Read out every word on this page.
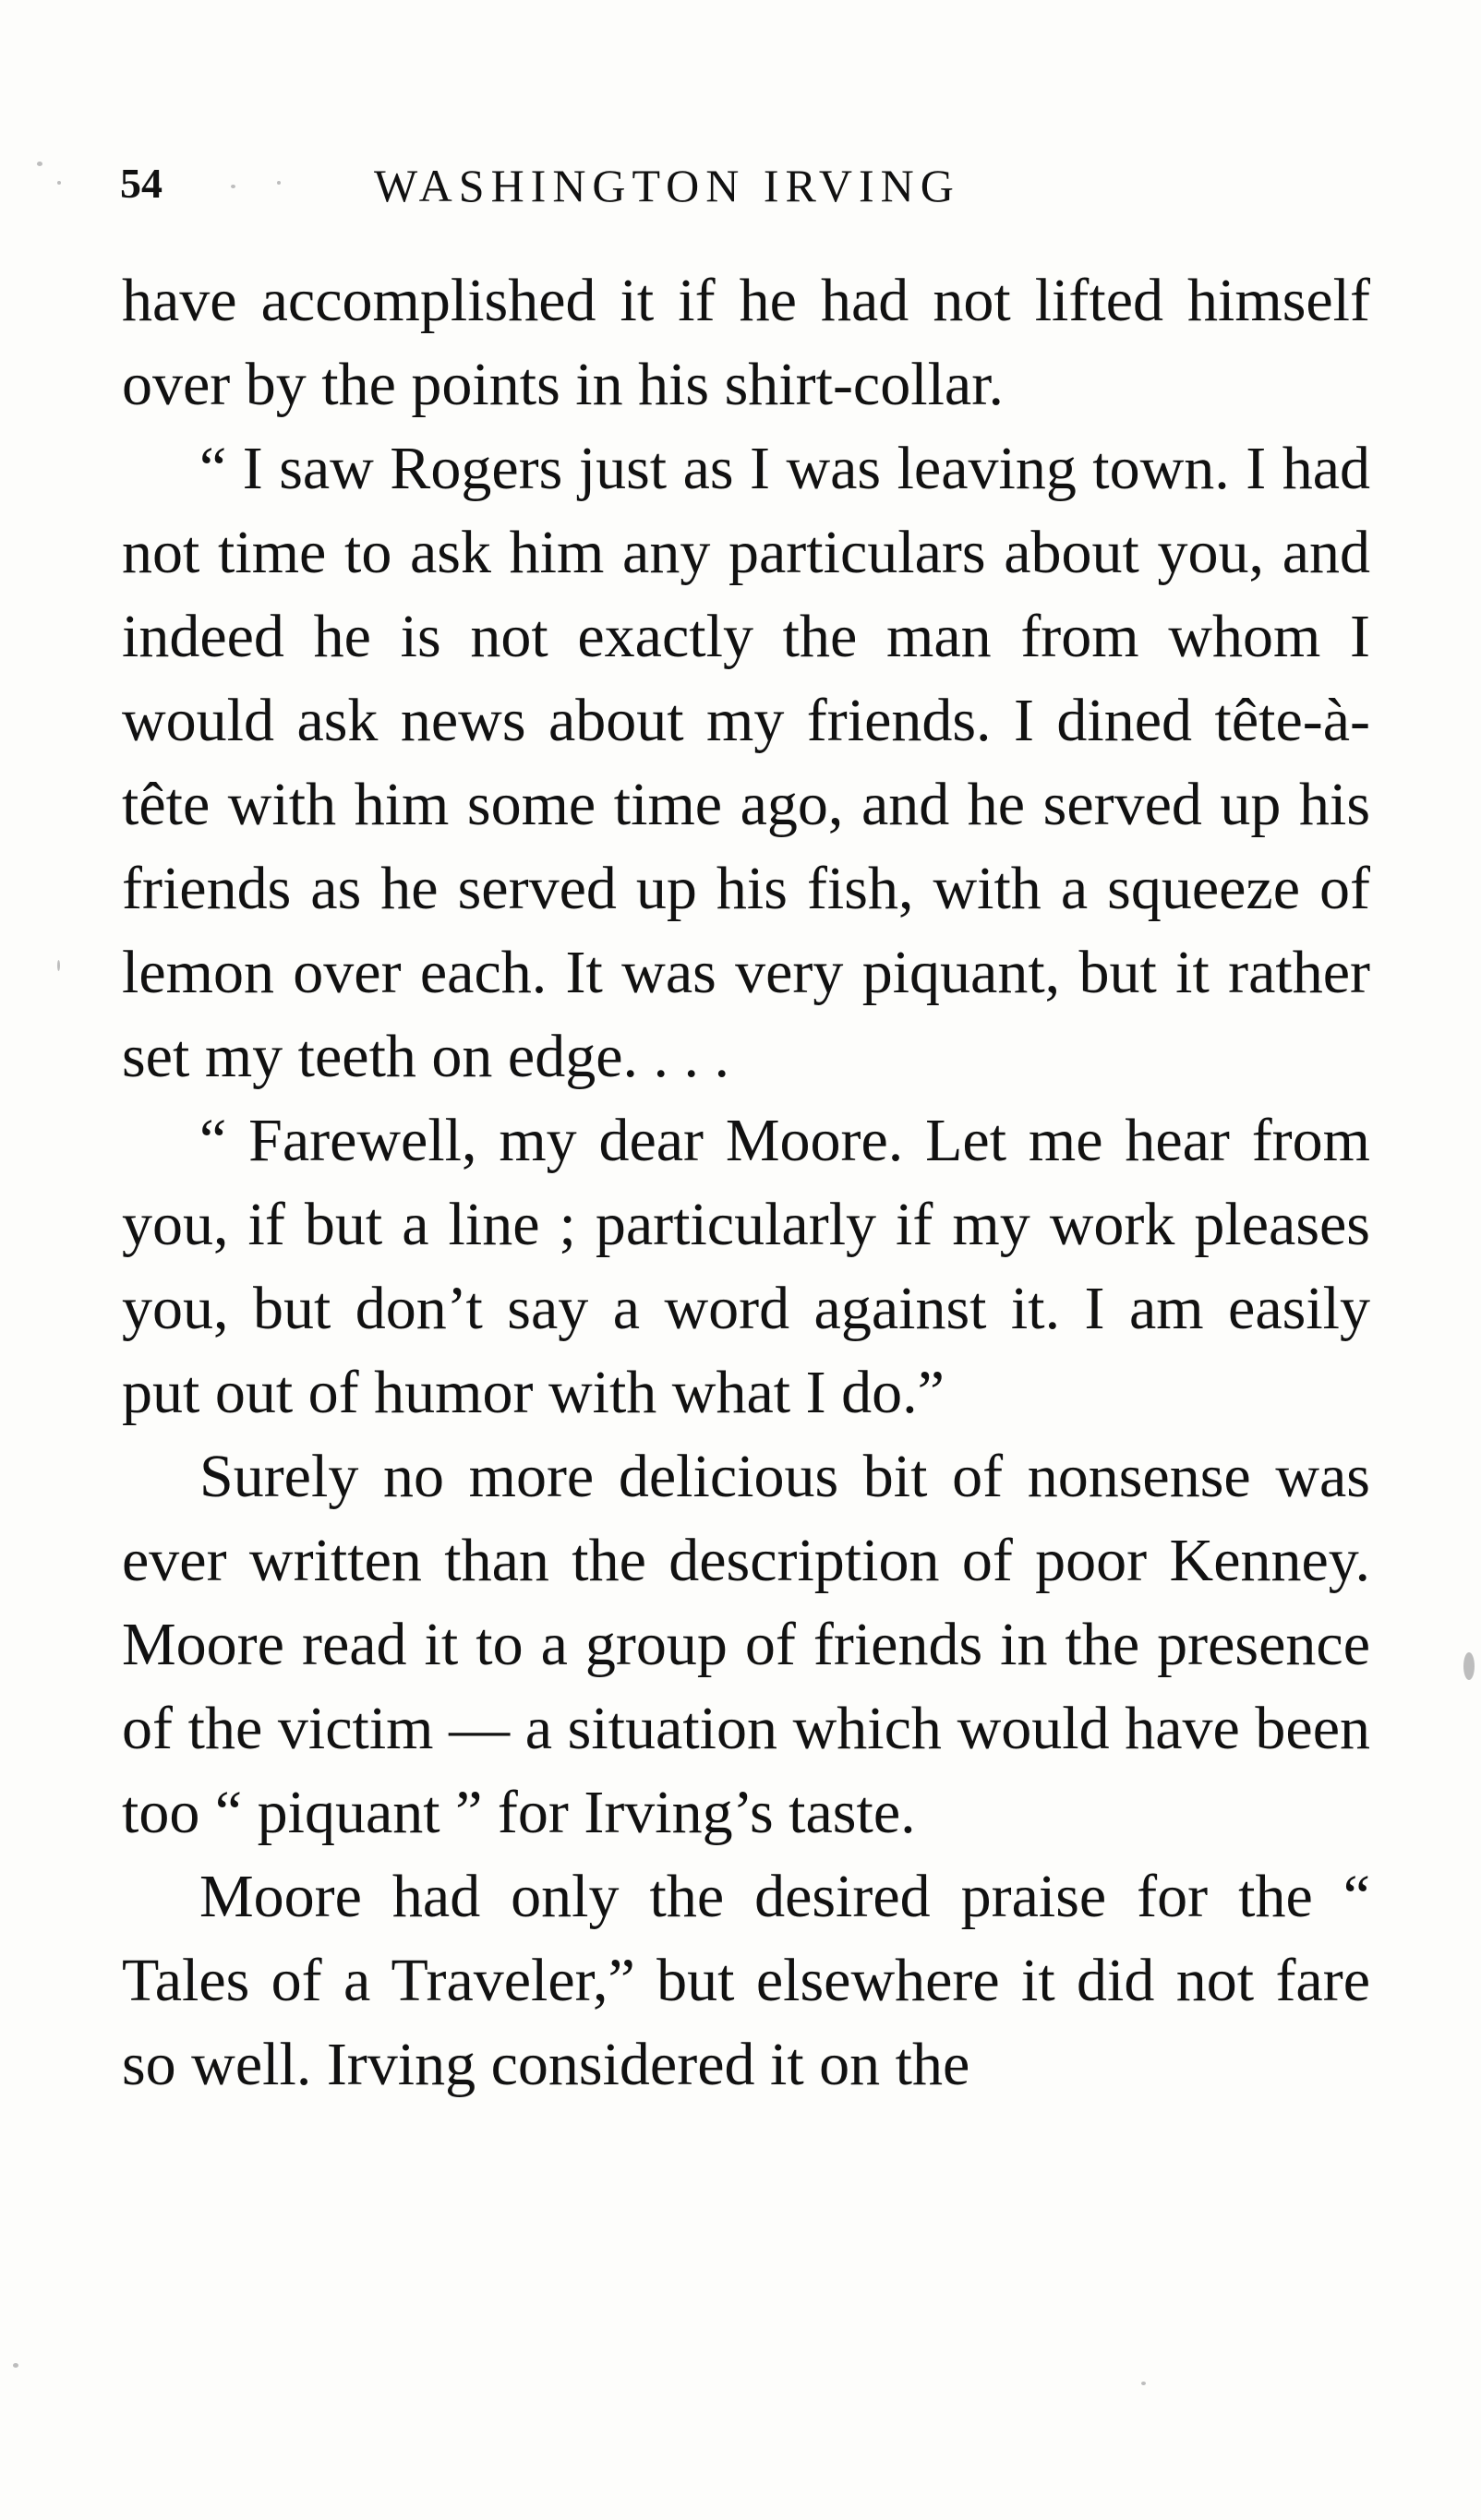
54	WASHINGTON IRVING

have accomplished it if he had not lifted himself over by the points in his shirt-collar.

“ I saw Rogers just as I was leaving town. I had not time to ask him any particulars about you, and indeed he is not exactly the man from whom I would ask news about my friends. I dined tête-à-tête with him some time ago, and he served up his friends as he served up his fish, with a squeeze of lemon over each. It was very piquant, but it rather set my teeth on edge. . . .

“ Farewell, my dear Moore. Let me hear from you, if but a line ; particularly if my work pleases you, but don’t say a word against it. I am easily put out of humor with what I do.”

Surely no more delicious bit of nonsense was ever written than the description of poor Kenney. Moore read it to a group of friends in the presence of the victim — a situation which would have been too “ piquant ” for Irving’s taste.

Moore had only the desired praise for the “ Tales of a Traveler,” but elsewhere it did not fare so well. Irving considered it on the
